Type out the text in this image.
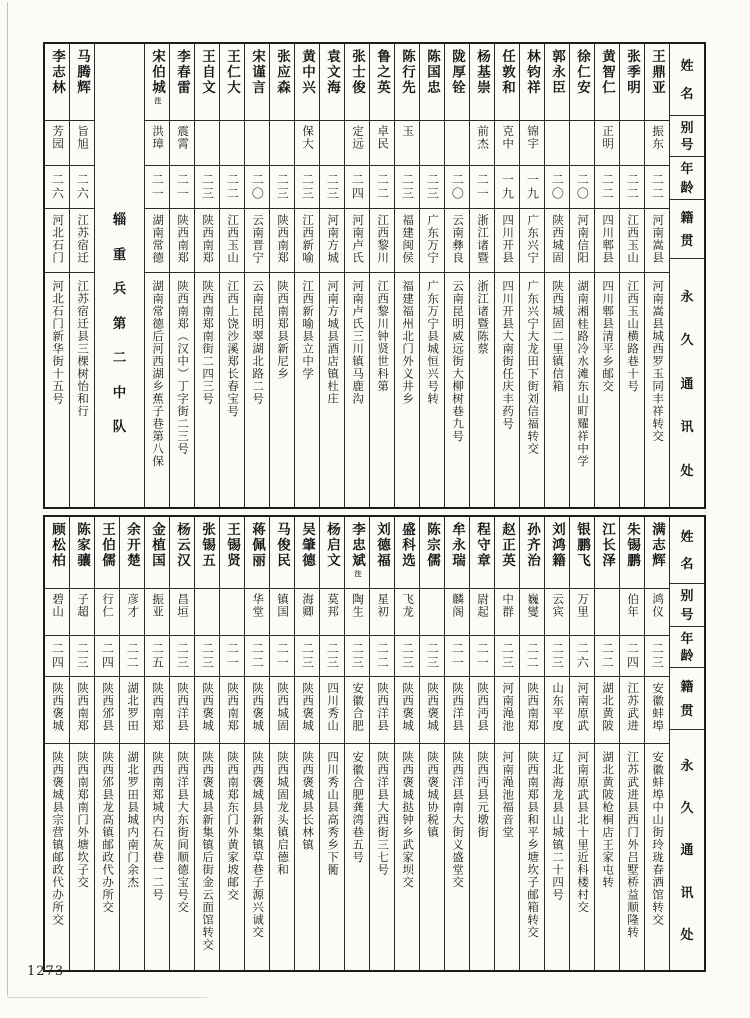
姓
名
别
号
年
龄
籍
贯
永
久
通
讯
处
王鼎亚
振东
二二
河南嵩县
河南嵩县城西罗玉同丰祥转交
张季明
二二
江西玉山
江西玉山横路巷十号
黄智仁
正明
二二
四川郫县
四川郫县清平乡邮交
徐仁安
二〇
河南信阳
湖南湘桂路冷水滩东山町耀祥中学
郭永臣
二〇
陕西城固
陕西城固二里镇信箱
林钧祥
锦宇
一九
广东兴宁
广东兴宁大龙田下街刘信福转交
任敦和
克中
一九
四川开县
四川开县大南街任庆丰药号
杨基崇
前杰
二一
浙江诸暨
浙江诸暨陈蔡
陇厚铨
二〇
云南彝良
云南昆明威远街大柳树巷九号
陈国忠
二三
广东万宁
广东万宁县城恒兴号转
陈行先
玉
二三
福建闽侯
福建福州北门外义井乡
鲁之英
卓民
二二
江西黎川
江西黎川钟贤世科第
张士俊
定远
二四
河南卢氏
河南卢氏三川镇马鹿沟
袁文海
二三
河南方城
河南方城县酒店镇杜庄
黄中兴
保大
二三
江西新喻
江西新喻县立中学
张应森
二三
陕西南郑
陕西南郑县新尼乡
宋谨言
二〇
云南晋宁
云南昆明翠湖北路二号
王仁大
二二
江西玉山
江西上饶沙溪郑长春宝号
王自文
二三
陕西南郑
陕西南郑南街二四三号
李春雷
震霄
二一
陕西南郑
陕西南郑（汉中）丁字街二三号
宋伯城注
洪璋
二一
湖南常德
湖南常德后河西湖乡蕉子巷第八保
辎
重
兵
第
二
中
队
马腾辉
旨旭
二六
江苏宿迁
江苏宿迁县三棵树怡和行
李志林
芳园
二六
河北石门
河北石门新华街十五号
姓
名
别
号
年
龄
籍
贯
永
久
通
讯
处
满志辉
鸿仪
二三
安徽蚌埠
安徽蚌埠中山街玲珑春酒馆转交
朱锡鹏
伯年
二四
江苏武进
江苏武进县西门外吕墅桥益顺隆转
江长泽
二二
湖北黄陂
湖北黄陂枪桐店王家屯转
银鹏飞
万里
二六
河南原武
河南原武县北十里近科楼村交
刘鸿籍
云宾
二三
山东平度
辽北海龙县山城镇二十四号
孙齐治
巍燮
二二
陕西南郑
陕西南郑县和平乡塘坎子邮箱转交
赵正英
中群
二三
河南渑池
河南渑池福音堂
程守章
尉起
二一
陕西沔县
陕西沔县元墩街
牟永瑞
麟阁
二一
陕西洋县
陕西洋县南大街义盛堂交
陈宗儒
二三
陕西褒城
陕西褒城协税镇
盛科选
飞龙
二三
陕西褒城
陕西褒城挞钟乡武家坝交
刘德福
星初
二二
陕西洋县
陕西洋县大西街三七号
李忠斌注
陶生
二三
安徽合肥
安徽合肥龚湾巷五号
杨启文
莫邦
二三
四川秀山
四川秀山县高秀乡下衕
吴肇德
海卿
二三
陕西褒城
陕西褒城县长林镇
马俊民
镇国
二一
陕西城固
陕西城固龙头镇启德和
蒋佩丽
华堂
二二
陕西褒城
陕西褒城县新集镇草巷子源兴诚交
王锡贤
二一
陕西南郑
陕西南郑东门外黄家坡邮交
张锡五
二三
陕西褒城
陕西褒城县新集镇后街金云面馆转交
杨云汉
昌垣
二三
陕西洋县
陕西洋县大东街间顺德宝号交
金植国
振亚
二五
陕西南郑
陕西南郑城内石灰巷一二号
余开楚
彦才
二二
湖北罗田
湖北罗田县城内南门余杰
王伯儒
行仁
二四
陕西邠县
陕西邠县龙高镇邮政代办所交
陈家骧
子超
二三
陕西南郑
陕西南郑南门外塘坎子交
顾松柏
碧山
二四
陕西褒城
陕西褒城县宗营镇邮政代办所交
1273
